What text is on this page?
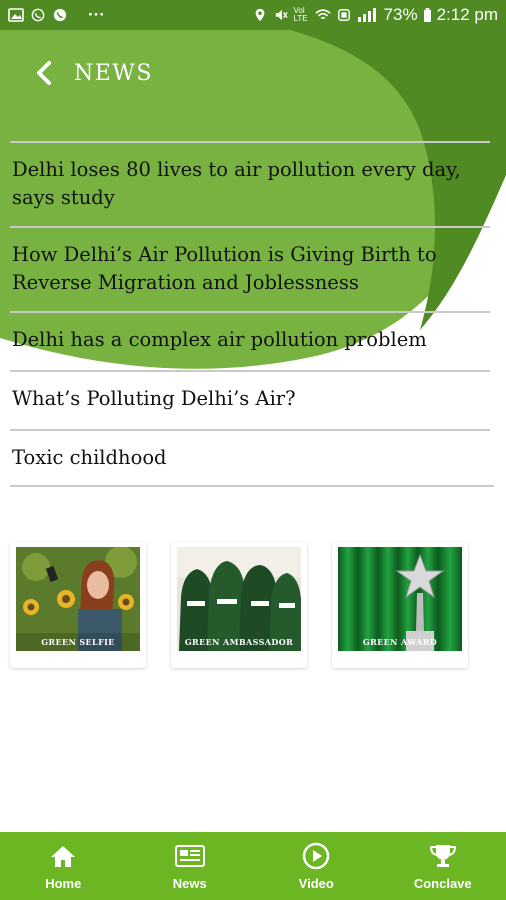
···	Vol LTE	73% 2:12 pm
NEWS
Delhi loses 80 lives to air pollution every day, says study
How Delhi’s Air Pollution is Giving Birth to Reverse Migration and Joblessness
Delhi has a complex air pollution problem
What’s Polluting Delhi’s Air?
Toxic childhood
GREEN SELFIE	GREEN AMBASSADOR	GREEN AWARD
Home	News	Video	Conclave
